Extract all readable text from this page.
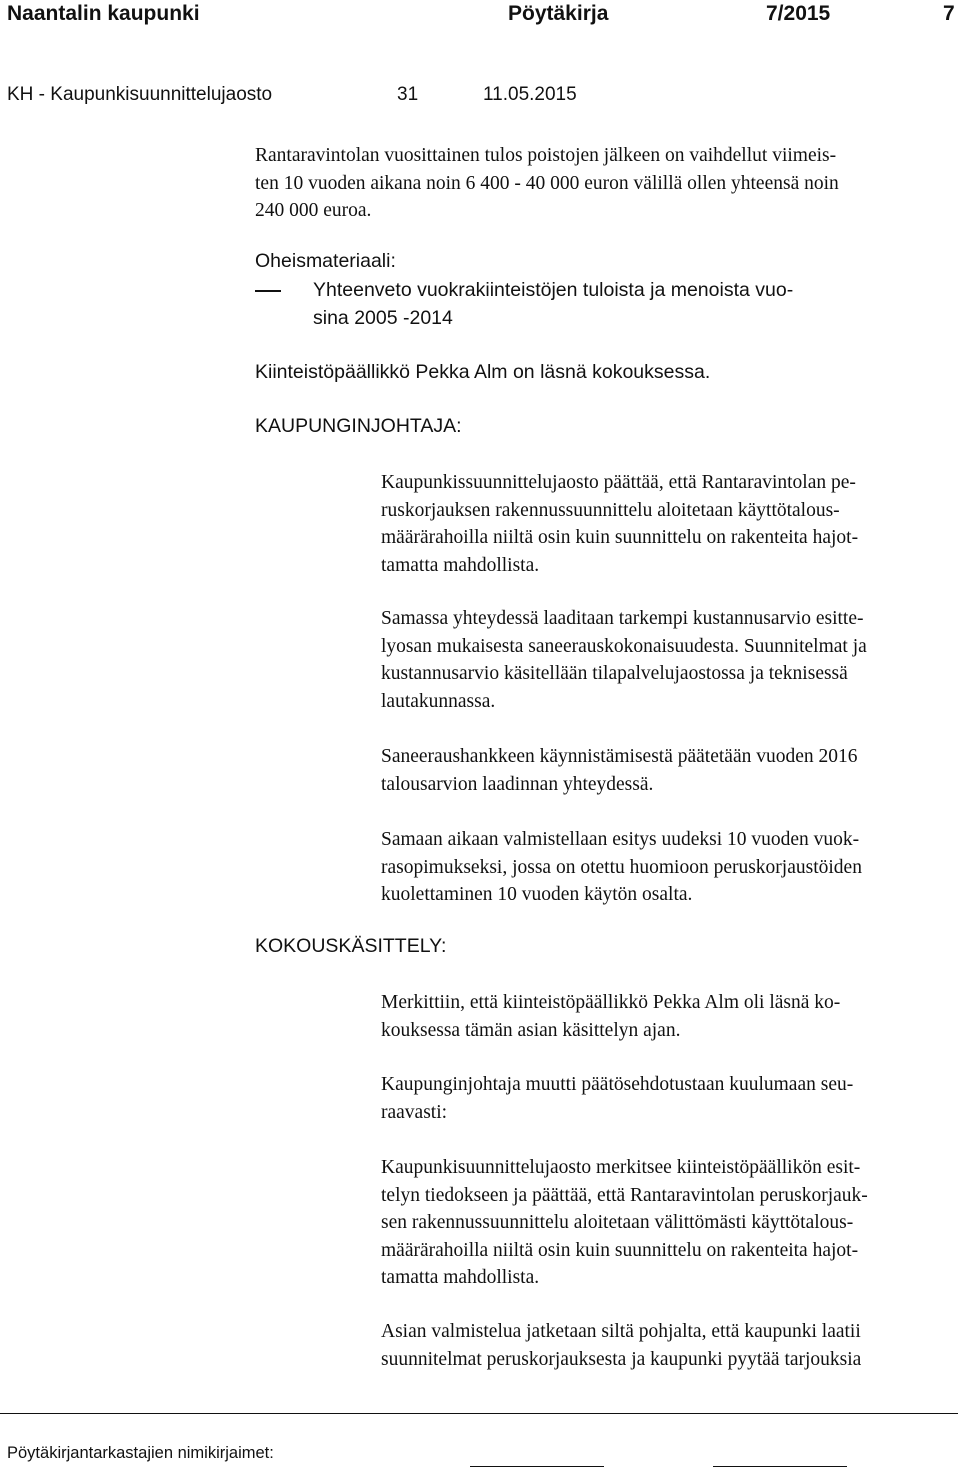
Naantalin kaupunki	Pöytäkirja	7/2015	7
KH - Kaupunkisuunnittelujaosto	31	11.05.2015
Rantaravintolan vuosittainen tulos poistojen jälkeen on vaihdellut viimeis-
ten 10 vuoden aikana noin 6 400 - 40 000 euron välillä ollen yhteensä noin
240 000 euroa.
Oheismateriaali:
Yhteenveto vuokrakiinteistöjen tuloista ja menoista vuo-
sina 2005 -2014
Kiinteistöpäällikkö Pekka Alm on läsnä kokouksessa.
KAUPUNGINJOHTAJA:
Kaupunkissuunnittelujaosto päättää, että Rantaravintolan pe-
ruskorjauksen rakennussuunnittelu aloitetaan käyttötalous-
määrärahoilla niiltä osin kuin suunnittelu on rakenteita hajot-
tamatta mahdollista.
Samassa yhteydessä laaditaan tarkempi kustannusarvio esitte-
lyosan mukaisesta saneerauskokonaisuudesta. Suunnitelmat ja
kustannusarvio käsitellään tilapalvelujaostossa ja teknisessä
lautakunnassa.
Saneeraushankkeen käynnistämisestä päätetään vuoden 2016
talousarvion laadinnan yhteydessä.
Samaan aikaan valmistellaan esitys uudeksi 10 vuoden vuok-
rasopimukseksi, jossa on otettu huomioon peruskorjaustöiden
kuolettaminen 10 vuoden käytön osalta.
KOKOUSKÄSITTELY:
Merkittiin, että kiinteistöpäällikkö Pekka Alm oli läsnä ko-
kouksessa tämän asian käsittelyn ajan.
Kaupunginjohtaja muutti päätösehdotustaan kuulumaan seu-
raavasti:
Kaupunkisuunnittelujaosto merkitsee kiinteistöpäällikön esit-
telyn tiedokseen ja päättää, että Rantaravintolan peruskorjauk-
sen rakennussuunnittelu aloitetaan välittömästi käyttötalous-
määrärahoilla niiltä osin kuin suunnittelu on rakenteita hajot-
tamatta mahdollista.
Asian valmistelua jatketaan siltä pohjalta, että kaupunki laatii
suunnitelmat peruskorjauksesta ja kaupunki pyytää tarjouksia
Pöytäkirjantarkastajien nimikirjaimet:
